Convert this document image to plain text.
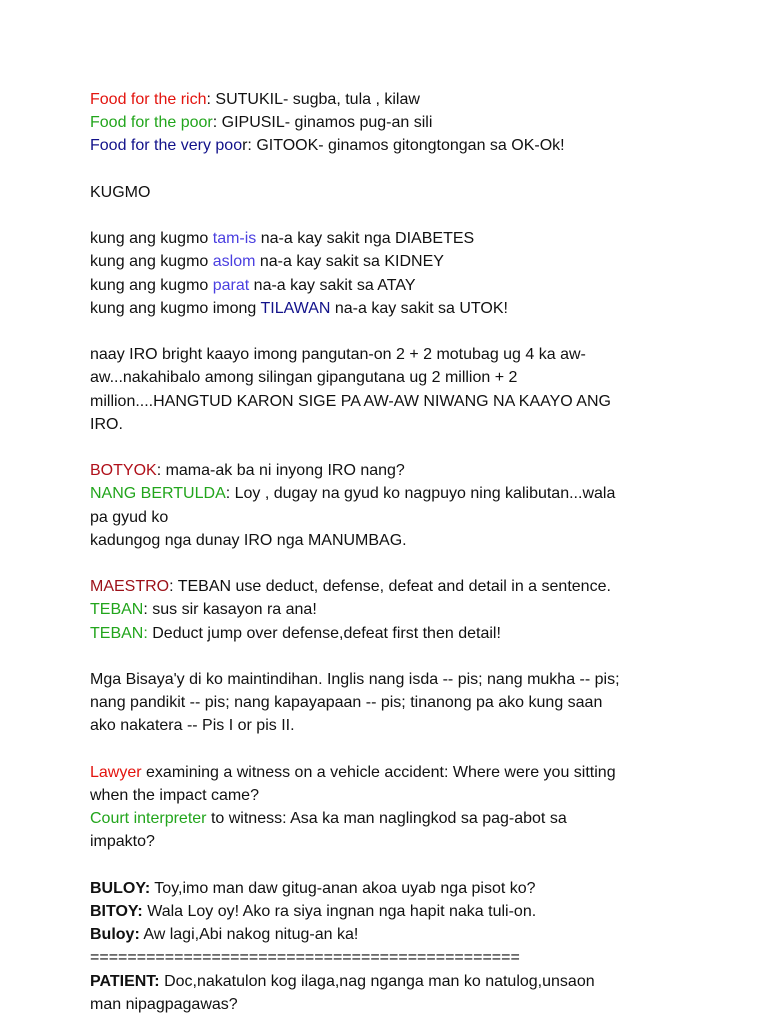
Food for the rich: SUTUKIL- sugba, tula , kilaw

Food for the poor: GIPUSIL- ginamos pug-an sili

Food for the very poor: GITOOK- ginamos gitongtongan sa OK-Ok!

KUGMO

kung ang kugmo tam-is na-a kay sakit nga DIABETES

kung ang kugmo aslom na-a kay sakit sa KIDNEY

kung ang kugmo parat na-a kay sakit sa ATAY

kung ang kugmo imong TILAWAN na-a kay sakit sa UTOK!

naay IRO bright kaayo imong pangutan-on 2 + 2 motubag ug 4 ka aw-

aw...nakahibalo among silingan gipangutana ug 2 million + 2

million....HANGTUD KARON SIGE PA AW-AW NIWANG NA KAAYO ANG

IRO.

BOTYOK: mama-ak ba ni inyong IRO nang?

NANG BERTULDA: Loy , dugay na gyud ko nagpuyo ning kalibutan...wala

pa gyud ko

kadungog nga dunay IRO nga MANUMBAG.

MAESTRO: TEBAN use deduct, defense, defeat and detail in a sentence.

TEBAN: sus sir kasayon ra ana!

TEBAN: Deduct jump over defense,defeat first then detail!

Mga Bisaya'y di ko maintindihan. Inglis nang isda -- pis; nang mukha -- pis;

nang pandikit -- pis; nang kapayapaan -- pis; tinanong pa ako kung saan

ako nakatera -- Pis I or pis II.

Lawyer examining a witness on a vehicle accident: Where were you sitting

when the impact came?

Court interpreter to witness: Asa ka man naglingkod sa pag-abot sa

impakto?

BULOY: Toy,imo man daw gitug-anan akoa uyab nga pisot ko?

BITOY: Wala Loy oy! Ako ra siya ingnan nga hapit naka tuli-on.

Buloy: Aw lagi,Abi nakog nitug-an ka!

==============================================

PATIENT: Doc,nakatulon kog ilaga,nag nganga man ko natulog,unsaon

man nipagpagawas?
